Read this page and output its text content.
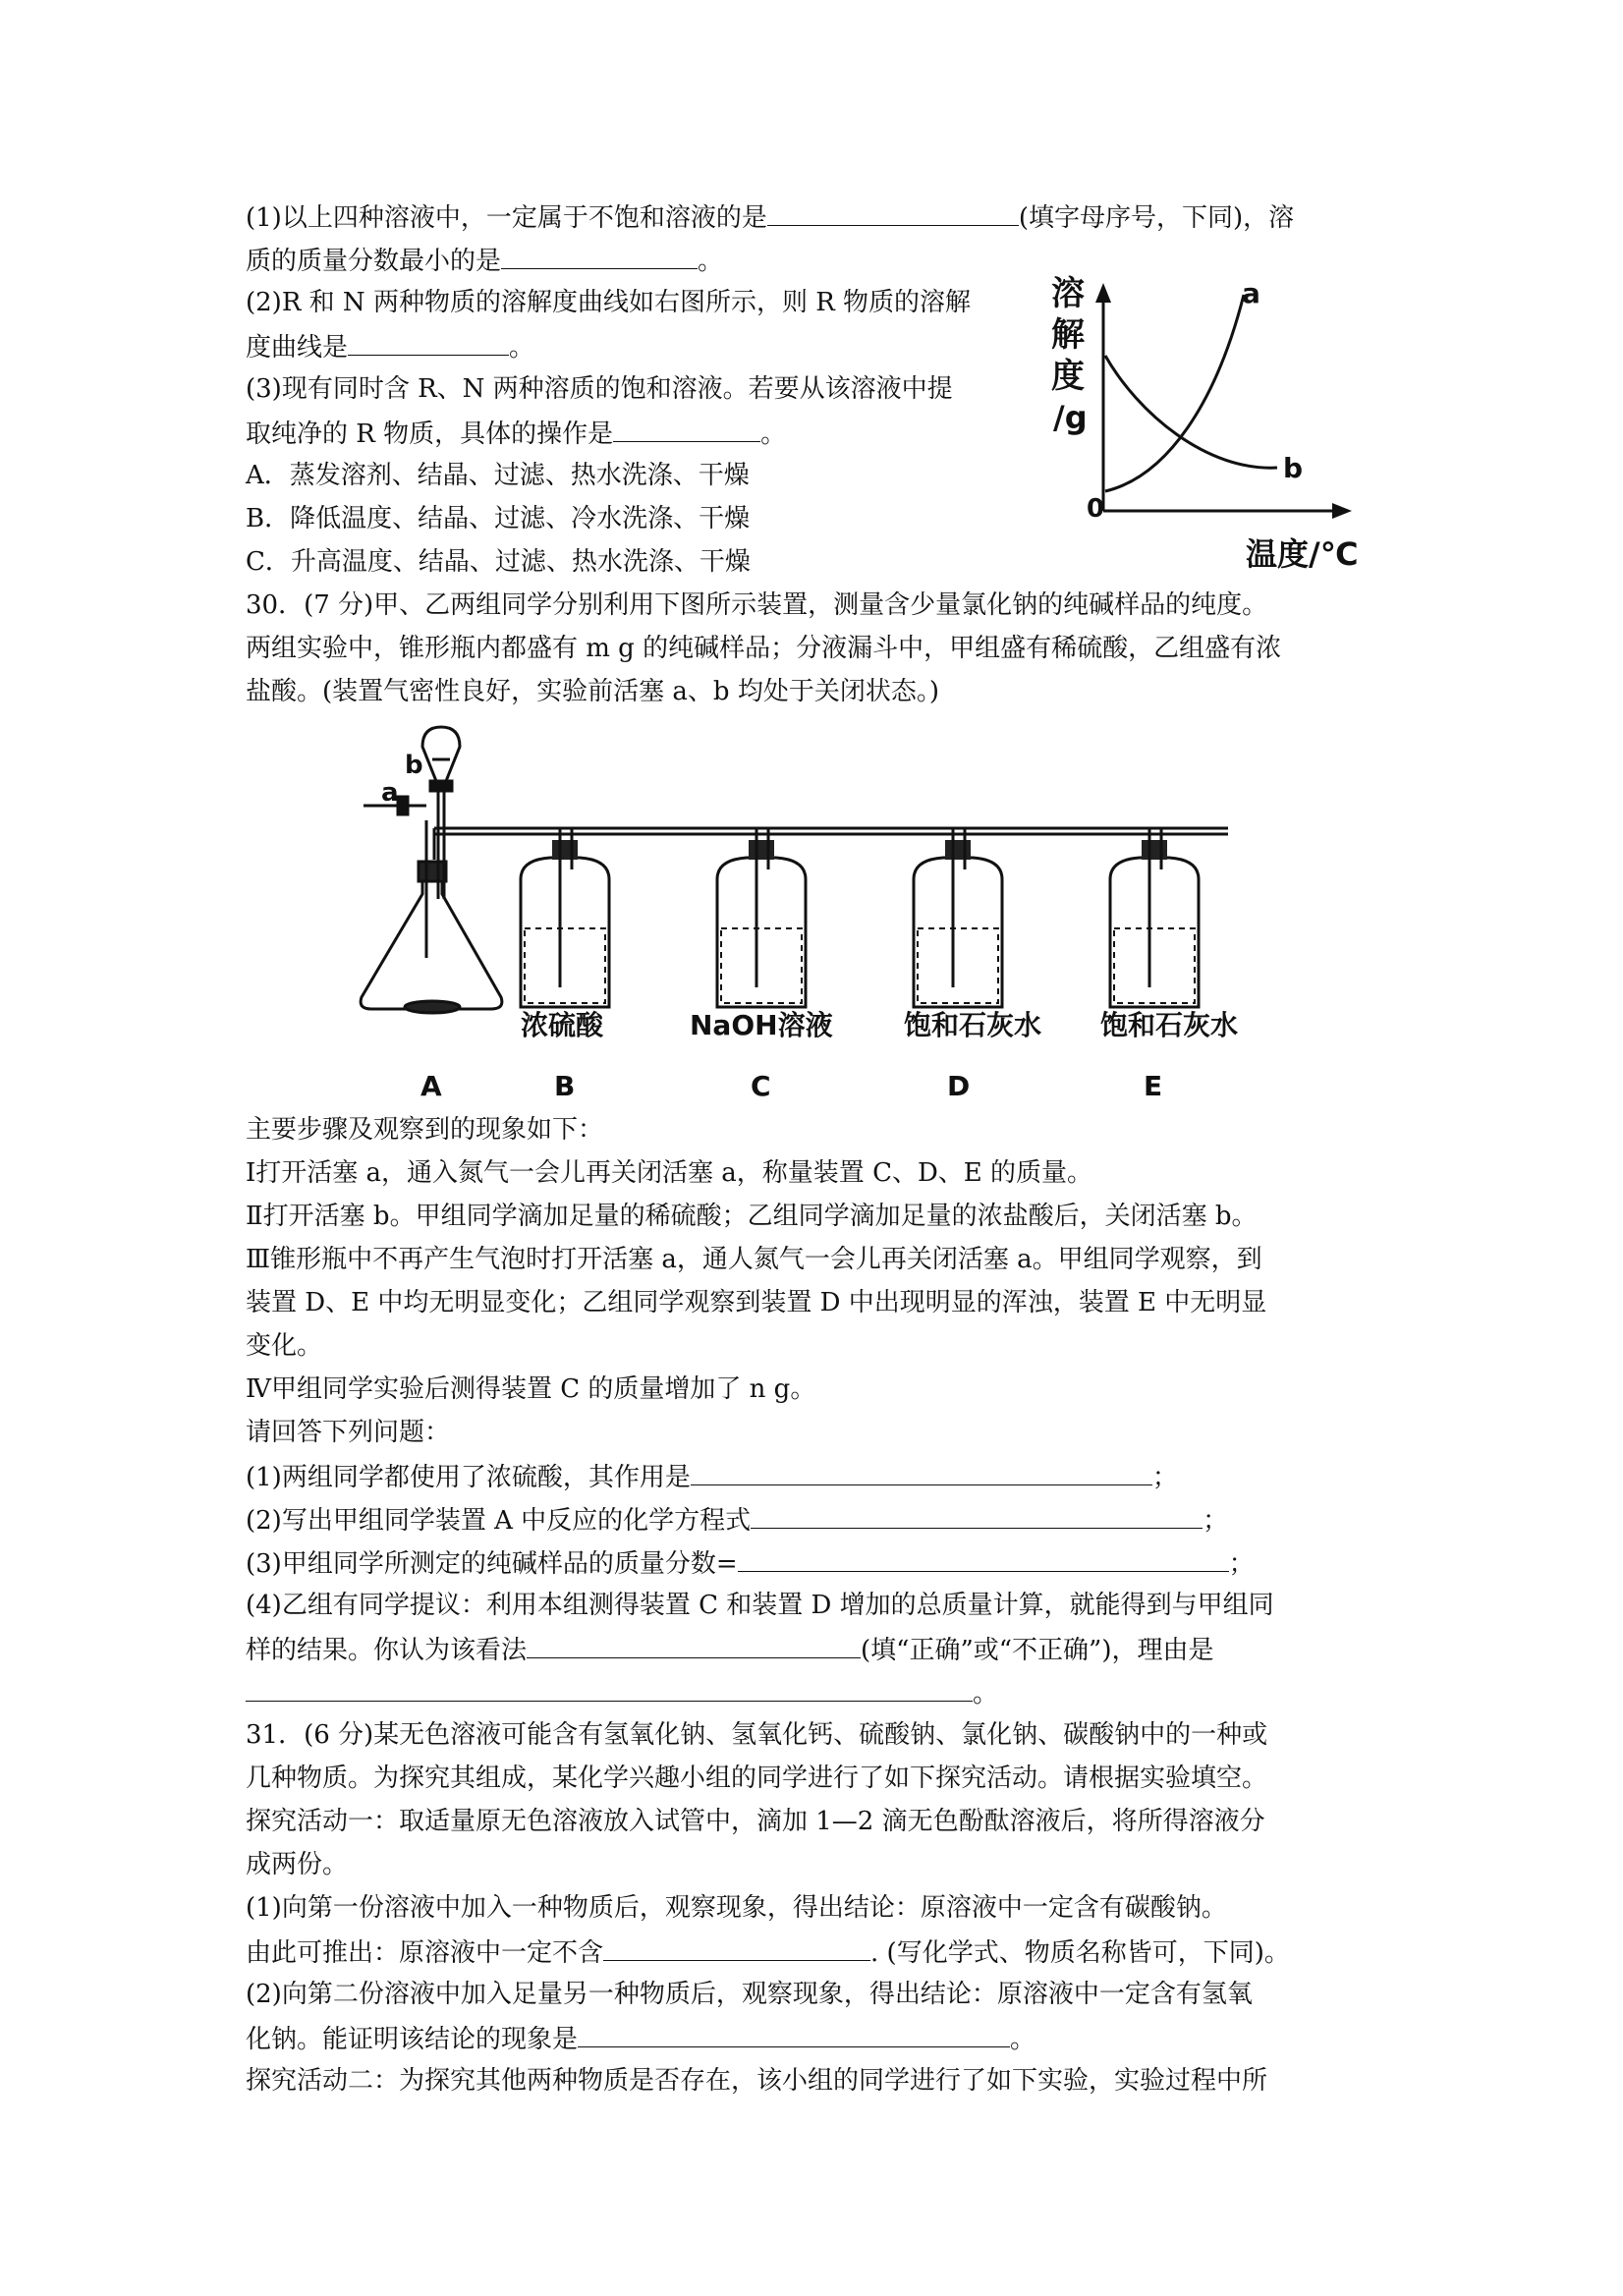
(1)以上四种溶液中，一定属于不饱和溶液的是	(填字母序号，下同)，溶
质的质量分数最小的是	。
(2)R 和 N 两种物质的溶解度曲线如右图所示，则 R 物质的溶解
度曲线是	。
(3)现有同时含 R、N 两种溶质的饱和溶液。若要从该溶液中提
取纯净的 R 物质，具体的操作是	。
A．蒸发溶剂、结晶、过滤、热水洗涤、干燥
B．降低温度、结晶、过滤、冷水洗涤、干燥
C．升高温度、结晶、过滤、热水洗涤、干燥
溶
解
度
/g
0
温度/℃
a
b
30．(7 分)甲、乙两组同学分别利用下图所示装置，测量含少量氯化钠的纯碱样品的纯度。
两组实验中，锥形瓶内都盛有 m g 的纯碱样品；分液漏斗中，甲组盛有稀硫酸，乙组盛有浓
盐酸。(装置气密性良好，实验前活塞 a、b 均处于关闭状态。)
a
b
浓硫酸	NaOH溶液	饱和石灰水 饱和石灰水
A	B	C	D	E
主要步骤及观察到的现象如下：
Ⅰ打开活塞 a，通入氮气一会儿再关闭活塞 a，称量装置 C、D、E 的质量。
Ⅱ打开活塞 b。甲组同学滴加足量的稀硫酸；乙组同学滴加足量的浓盐酸后，关闭活塞 b。
Ⅲ锥形瓶中不再产生气泡时打开活塞 a，通人氮气一会儿再关闭活塞 a。甲组同学观察，到
装置 D、E 中均无明显变化；乙组同学观察到装置 D 中出现明显的浑浊，装置 E 中无明显
变化。
Ⅳ甲组同学实验后测得装置 C 的质量增加了 n g。
请回答下列问题：
(1)两组同学都使用了浓硫酸，其作用是	；
(2)写出甲组同学装置 A 中反应的化学方程式	；
(3)甲组同学所测定的纯碱样品的质量分数=	；
(4)乙组有同学提议：利用本组测得装置 C 和装置 D 增加的总质量计算，就能得到与甲组同
样的结果。你认为该看法	(填“正确”或“不正确”)，理由是
。
31．(6 分)某无色溶液可能含有氢氧化钠、氢氧化钙、硫酸钠、氯化钠、碳酸钠中的一种或
几种物质。为探究其组成，某化学兴趣小组的同学进行了如下探究活动。请根据实验填空。
探究活动一：取适量原无色溶液放入试管中，滴加 1—2 滴无色酚酞溶液后，将所得溶液分
成两份。
(1)向第一份溶液中加入一种物质后，观察现象，得出结论：原溶液中一定含有碳酸钠。
由此可推出：原溶液中一定不含	. (写化学式、物质名称皆可，下同)。
(2)向第二份溶液中加入足量另一种物质后，观察现象，得出结论：原溶液中一定含有氢氧
化钠。能证明该结论的现象是	。
探究活动二：为探究其他两种物质是否存在，该小组的同学进行了如下实验，实验过程中所
